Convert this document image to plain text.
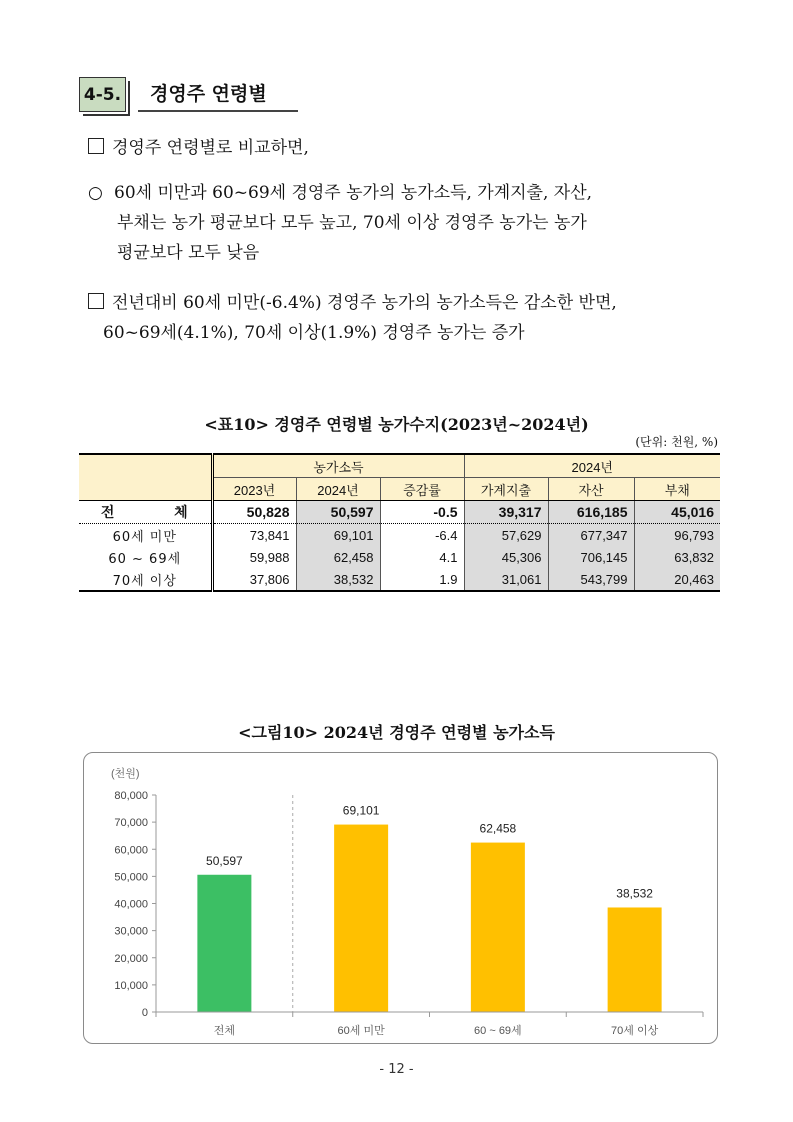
4-5.	경영주 연령별
경영주 연령별로 비교하면,
○ 60세 미만과 60~69세 경영주 농가의 농가소득, 가계지출, 자산,
부채는 농가 평균보다 모두 높고, 70세 이상 경영주 농가는 농가
평균보다 모두 낮음
전년대비 60세 미만(-6.4%) 경영주 농가의 농가소득은 감소한 반면,
60~69세(4.1%), 70세 이상(1.9%) 경영주 농가는 증가
<표10> 경영주 연령별 농가수지(2023년~2024년)
(단위: 천원, %)
	농가소득			2024년		
	2023년	2024년	증감률	가계지출	자산	부채
전          체	50,828	50,597	-0.5	39,317	616,185	45,016
60세 미만	73,841	69,101	-6.4	57,629	677,347	96,793
60 ~ 69세	59,988	62,458	4.1	45,306	706,145	63,832
70세 이상	37,806	38,532	1.9	31,061	543,799	20,463
<그림10> 2024년 경영주 연령별 농가소득
(천원)
0
10,000
20,000
30,000
40,000
50,000
60,000
70,000
80,000
50,597
69,101
62,458
38,532
전체	60세 미만	60 ~ 69세	70세 이상
- 12 -
